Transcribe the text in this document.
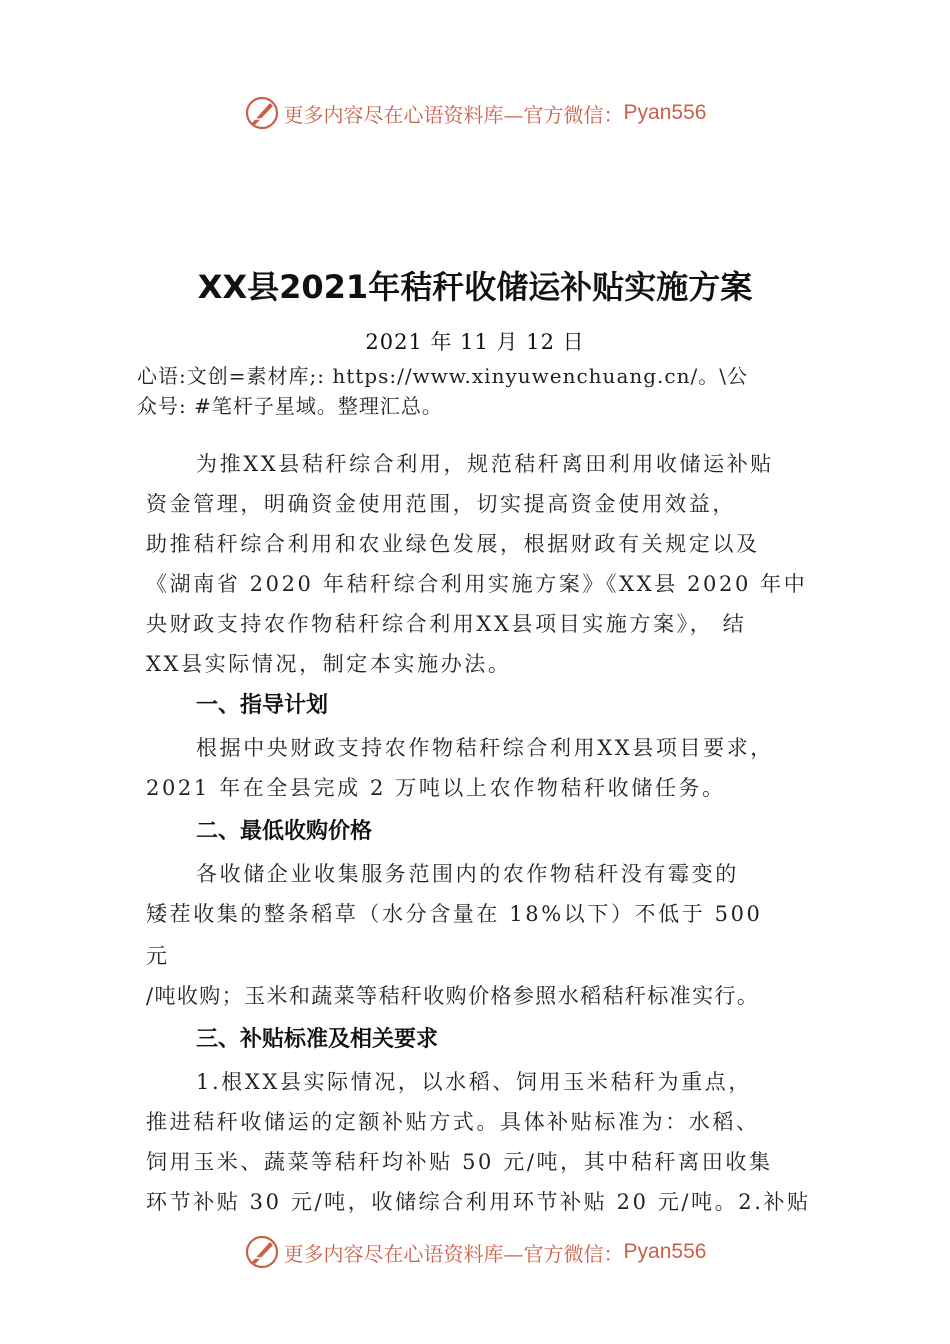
更多内容尽在心语资料库—官方微信： Pyan556
XX县2021年秸秆收储运补贴实施方案
2021 年 11 月 12 日
心语:文创=素材库;: https://www.xinyuwenchuang.cn/。\公
众号: #笔杆子星域。整理汇总。
为推XX县秸秆综合利用，规范秸秆离田利用收储运补贴
资金管理，明确资金使用范围，切实提高资金使用效益，
助推秸秆综合利用和农业绿色发展，根据财政有关规定以及
《湖南省 2020 年秸秆综合利用实施方案》《XX县 2020 年中
央财政支持农作物秸秆综合利用XX县项目实施方案》， 结
XX县实际情况，制定本实施办法。
一、指导计划
根据中央财政支持农作物秸秆综合利用XX县项目要求，
2021 年在全县完成 2 万吨以上农作物秸秆收储任务。
二、最低收购价格
各收储企业收集服务范围内的农作物秸秆没有霉变的
矮茬收集的整条稻草（水分含量在 18%以下）不低于 500
元
/吨收购；玉米和蔬菜等秸秆收购价格参照水稻秸秆标准实行。
三、补贴标准及相关要求
1.根XX县实际情况，以水稻、饲用玉米秸秆为重点，
推进秸秆收储运的定额补贴方式。具体补贴标准为：水稻、
饲用玉米、蔬菜等秸秆均补贴 50 元/吨，其中秸秆离田收集
环节补贴 30 元/吨，收储综合利用环节补贴 20 元/吨。2.补贴
更多内容尽在心语资料库—官方微信： Pyan556
